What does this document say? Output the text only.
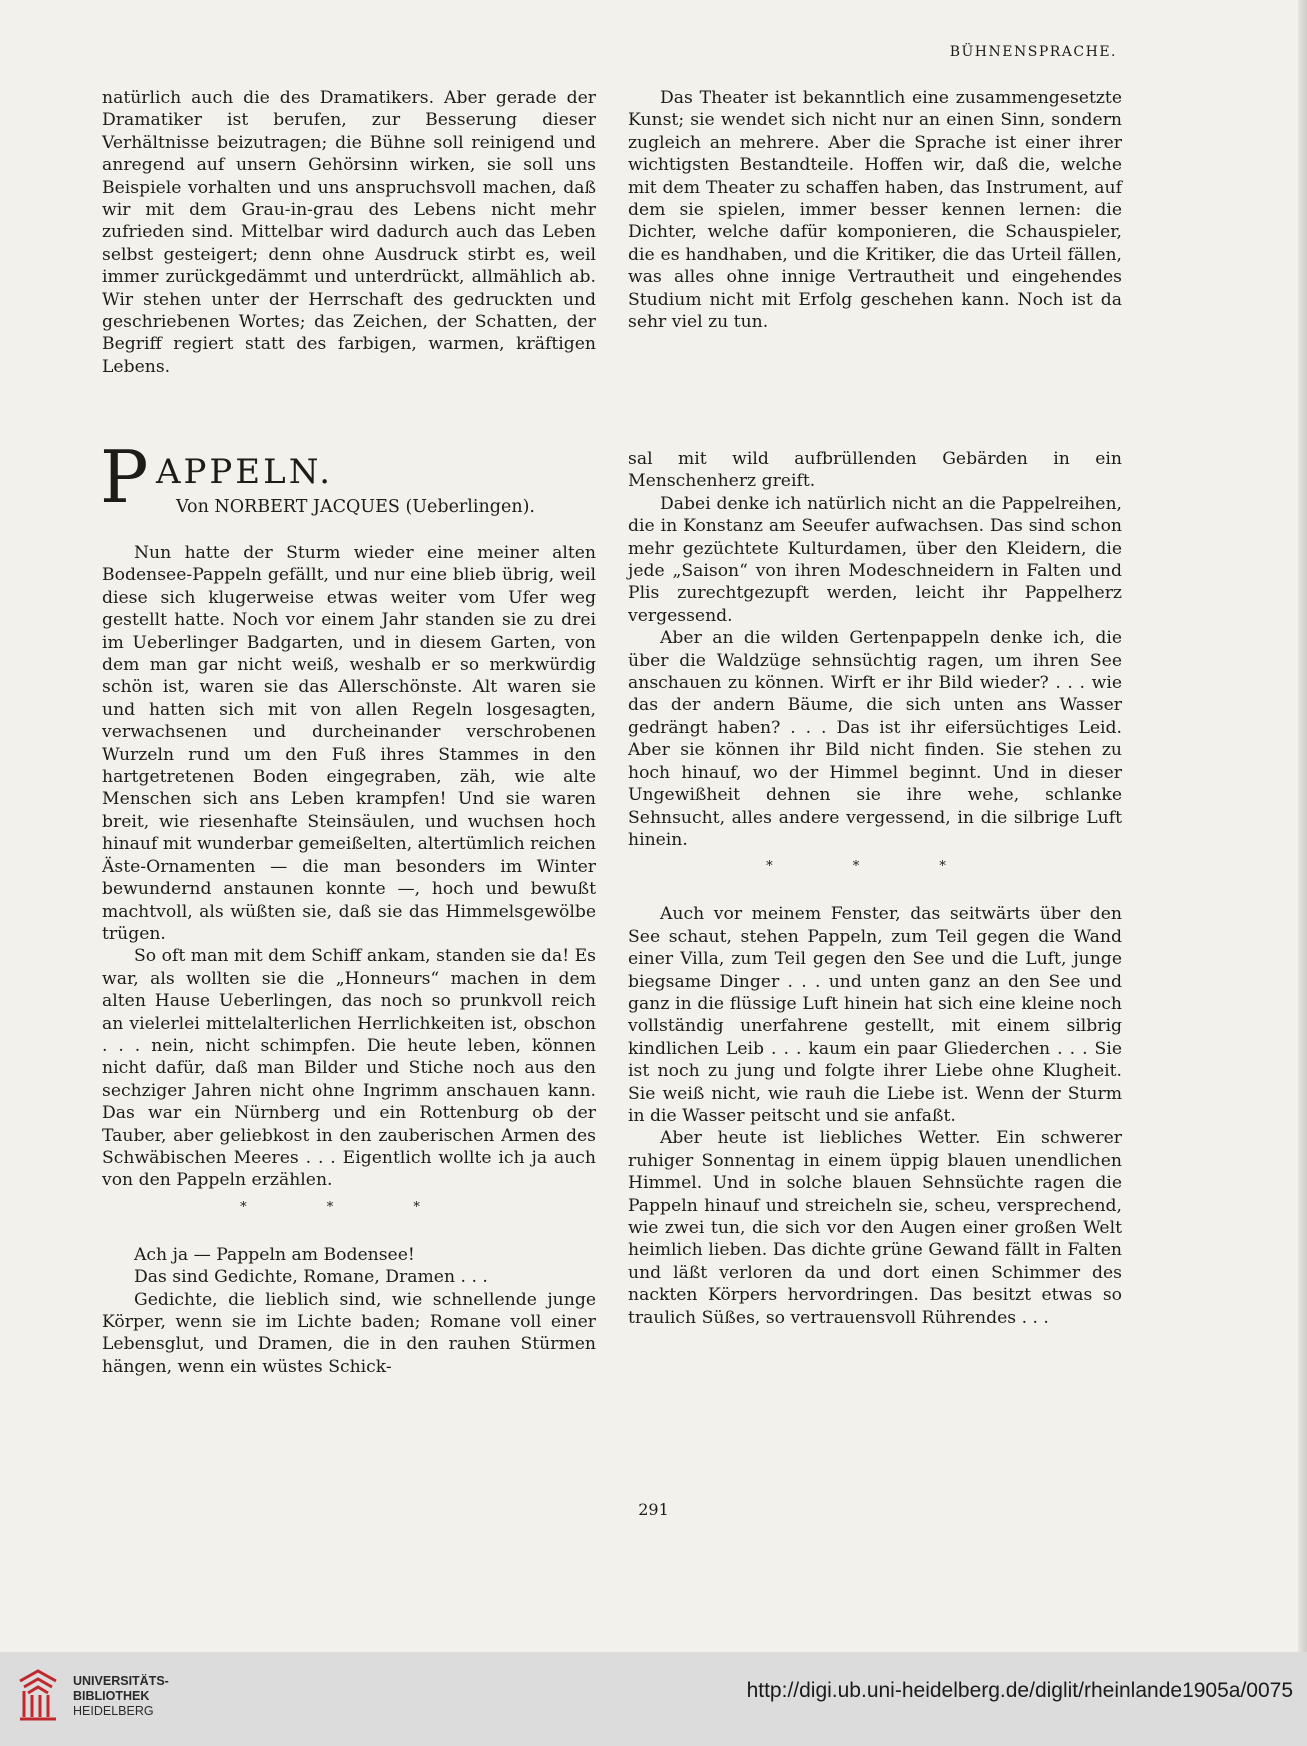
BÜHNENSPRACHE.

natürlich auch die des Dramatikers. Aber gerade der Dramatiker ist berufen, zur Besserung dieser Verhältnisse beizutragen; die Bühne soll reinigend und anregend auf unsern Gehörsinn wirken, sie soll uns Beispiele vorhalten und uns anspruchsvoll machen, daß wir mit dem Grau-in-grau des Lebens nicht mehr zufrieden sind. Mittelbar wird dadurch auch das Leben selbst gesteigert; denn ohne Ausdruck stirbt es, weil immer zurückgedämmt und unterdrückt, allmählich ab. Wir stehen unter der Herrschaft des gedruckten und geschriebenen Wortes; das Zeichen, der Schatten, der Begriff regiert statt des farbigen, warmen, kräftigen Lebens.

Das Theater ist bekanntlich eine zusammengesetzte Kunst; sie wendet sich nicht nur an einen Sinn, sondern zugleich an mehrere. Aber die Sprache ist einer ihrer wichtigsten Bestandteile. Hoffen wir, daß die, welche mit dem Theater zu schaffen haben, das Instrument, auf dem sie spielen, immer besser kennen lernen: die Dichter, welche dafür komponieren, die Schauspieler, die es handhaben, und die Kritiker, die das Urteil fällen, was alles ohne innige Vertrautheit und eingehendes Studium nicht mit Erfolg geschehen kann. Noch ist da sehr viel zu tun.

P APPELN.
Von NORBERT JACQUES (Ueberlingen).

Nun hatte der Sturm wieder eine meiner alten Bodensee-Pappeln gefällt, und nur eine blieb übrig, weil diese sich klugerweise etwas weiter vom Ufer weg gestellt hatte. Noch vor einem Jahr standen sie zu drei im Ueberlinger Badgarten, und in diesem Garten, von dem man gar nicht weiß, weshalb er so merkwürdig schön ist, waren sie das Allerschönste. Alt waren sie und hatten sich mit von allen Regeln losgesagten, verwachsenen und durcheinander verschrobenen Wurzeln rund um den Fuß ihres Stammes in den hartgetretenen Boden eingegraben, zäh, wie alte Menschen sich ans Leben krampfen! Und sie waren breit, wie riesenhafte Steinsäulen, und wuchsen hoch hinauf mit wunderbar gemeißelten, altertümlich reichen Äste-Ornamenten — die man besonders im Winter bewundernd anstaunen konnte —, hoch und bewußt machtvoll, als wüßten sie, daß sie das Himmelsgewölbe trügen.

So oft man mit dem Schiff ankam, standen sie da! Es war, als wollten sie die „Honneurs“ machen in dem alten Hause Ueberlingen, das noch so prunkvoll reich an vielerlei mittelalterlichen Herrlichkeiten ist, obschon . . . nein, nicht schimpfen. Die heute leben, können nicht dafür, daß man Bilder und Stiche noch aus den sechziger Jahren nicht ohne Ingrimm anschauen kann. Das war ein Nürnberg und ein Rottenburg ob der Tauber, aber geliebkost in den zauberischen Armen des Schwäbischen Meeres . . . Eigentlich wollte ich ja auch von den Pappeln erzählen.

* * *

Ach ja — Pappeln am Bodensee!

Das sind Gedichte, Romane, Dramen . . .

Gedichte, die lieblich sind, wie schnellende junge Körper, wenn sie im Lichte baden; Romane voll einer Lebensglut, und Dramen, die in den rauhen Stürmen hängen, wenn ein wüstes Schick-

sal mit wild aufbrüllenden Gebärden in ein Menschenherz greift.

Dabei denke ich natürlich nicht an die Pappelreihen, die in Konstanz am Seeufer aufwachsen. Das sind schon mehr gezüchtete Kulturdamen, über den Kleidern, die jede „Saison“ von ihren Modeschneidern in Falten und Plis zurechtgezupft werden, leicht ihr Pappelherz vergessend.

Aber an die wilden Gertenpappeln denke ich, die über die Waldzüge sehnsüchtig ragen, um ihren See anschauen zu können. Wirft er ihr Bild wieder? . . . wie das der andern Bäume, die sich unten ans Wasser gedrängt haben? . . . Das ist ihr eifersüchtiges Leid. Aber sie können ihr Bild nicht finden. Sie stehen zu hoch hinauf, wo der Himmel beginnt. Und in dieser Ungewißheit dehnen sie ihre wehe, schlanke Sehnsucht, alles andere vergessend, in die silbrige Luft hinein.

* * *

Auch vor meinem Fenster, das seitwärts über den See schaut, stehen Pappeln, zum Teil gegen die Wand einer Villa, zum Teil gegen den See und die Luft, junge biegsame Dinger . . . und unten ganz an den See und ganz in die flüssige Luft hinein hat sich eine kleine noch vollständig unerfahrene gestellt, mit einem silbrig kindlichen Leib . . . kaum ein paar Gliederchen . . . Sie ist noch zu jung und folgte ihrer Liebe ohne Klugheit. Sie weiß nicht, wie rauh die Liebe ist. Wenn der Sturm in die Wasser peitscht und sie anfaßt.

Aber heute ist liebliches Wetter. Ein schwerer ruhiger Sonnentag in einem üppig blauen unendlichen Himmel. Und in solche blauen Sehnsüchte ragen die Pappeln hinauf und streicheln sie, scheu, versprechend, wie zwei tun, die sich vor den Augen einer großen Welt heimlich lieben. Das dichte grüne Gewand fällt in Falten und läßt verloren da und dort einen Schimmer des nackten Körpers hervordringen. Das besitzt etwas so traulich Süßes, so vertrauensvoll Rührendes . . .

291
UNIVERSITÄTS-
BIBLIOTHEK
HEIDELBERG
http://digi.ub.uni-heidelberg.de/diglit/rheinlande1905a/0075
